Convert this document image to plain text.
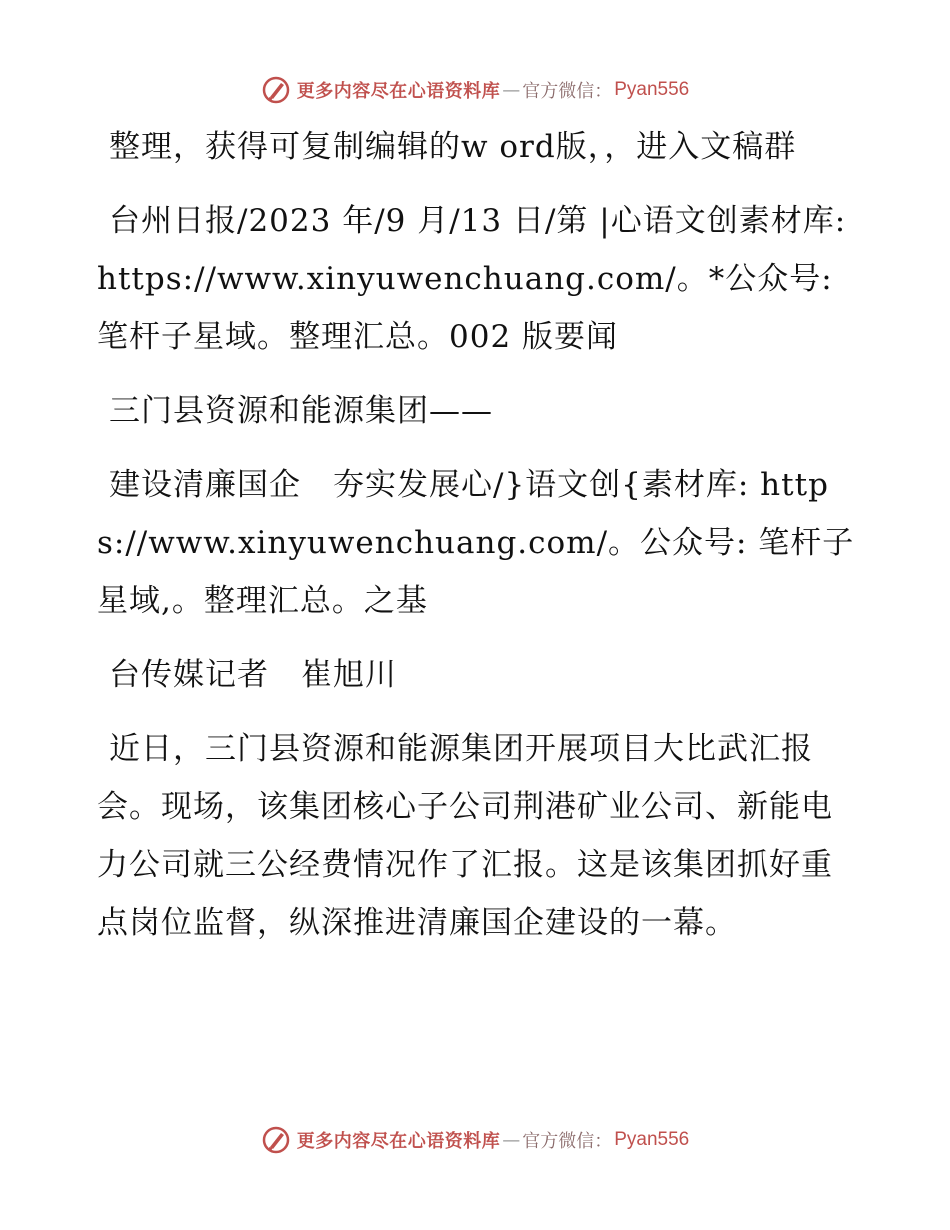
更多内容尽在心语资料库 — 官方微信： Pyan556

整理，获得可复制编辑的w ord版，，进入文稿群

台州日报/2023 年/9 月/13 日/第 |心语文创素材库: https://www.xinyuwenchuang.com/。*公众号: 笔杆子星域。整理汇总。002 版要闻

三门县资源和能源集团——

建设清廉国企　夯实发展心/}语文创{素材库: https://www.xinyuwenchuang.com/。公众号: 笔杆子星域,。整理汇总。之基

台传媒记者　崔旭川

近日，三门县资源和能源集团开展项目大比武汇报会。现场，该集团核心子公司荆港矿业公司、新能电力公司就三公经费情况作了汇报。这是该集团抓好重点岗位监督，纵深推进清廉国企建设的一幕。

更多内容尽在心语资料库 — 官方微信： Pyan556
